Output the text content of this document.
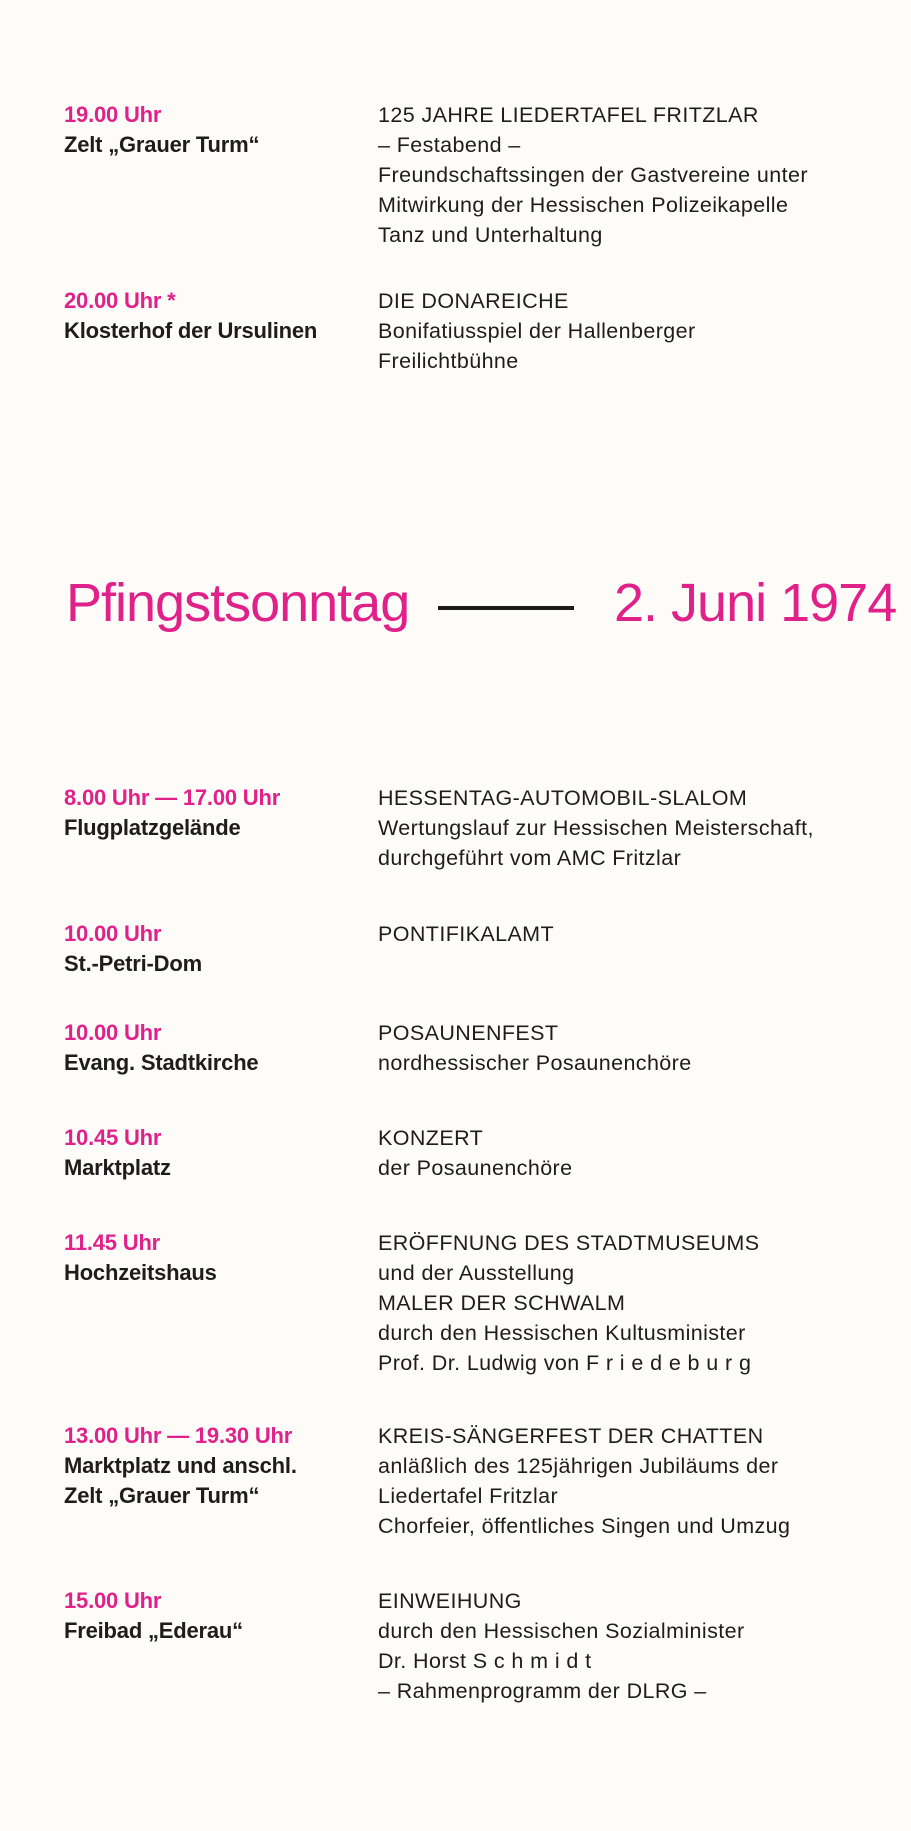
19.00 Uhr
Zelt „Grauer Turm“
125 JAHRE LIEDERTAFEL FRITZLAR
– Festabend –
Freundschaftssingen der Gastvereine unter
Mitwirkung der Hessischen Polizeikapelle
Tanz und Unterhaltung
20.00 Uhr *
Klosterhof der Ursulinen
DIE DONAREICHE
Bonifatiusspiel der Hallenberger
Freilichtbühne
Pfingstsonntag	2. Juni 1974
8.00 Uhr — 17.00 Uhr
Flugplatzgelände
HESSENTAG-AUTOMOBIL-SLALOM
Wertungslauf zur Hessischen Meisterschaft,
durchgeführt vom AMC Fritzlar
10.00 Uhr
St.-Petri-Dom
PONTIFIKALAMT
10.00 Uhr
Evang. Stadtkirche
POSAUNENFEST
nordhessischer Posaunenchöre
10.45 Uhr
Marktplatz
KONZERT
der Posaunenchöre
11.45 Uhr
Hochzeitshaus
ERÖFFNUNG DES STADTMUSEUMS
und der Ausstellung
MALER DER SCHWALM
durch den Hessischen Kultusminister
Prof. Dr. Ludwig von F r i e d e b u r g
13.00 Uhr — 19.30 Uhr
Marktplatz und anschl.
Zelt „Grauer Turm“
KREIS-SÄNGERFEST DER CHATTEN
anläßlich des 125jährigen Jubiläums der
Liedertafel Fritzlar
Chorfeier, öffentliches Singen und Umzug
15.00 Uhr
Freibad „Ederau“
EINWEIHUNG
durch den Hessischen Sozialminister
Dr. Horst S c h m i d t
– Rahmenprogramm der DLRG –
